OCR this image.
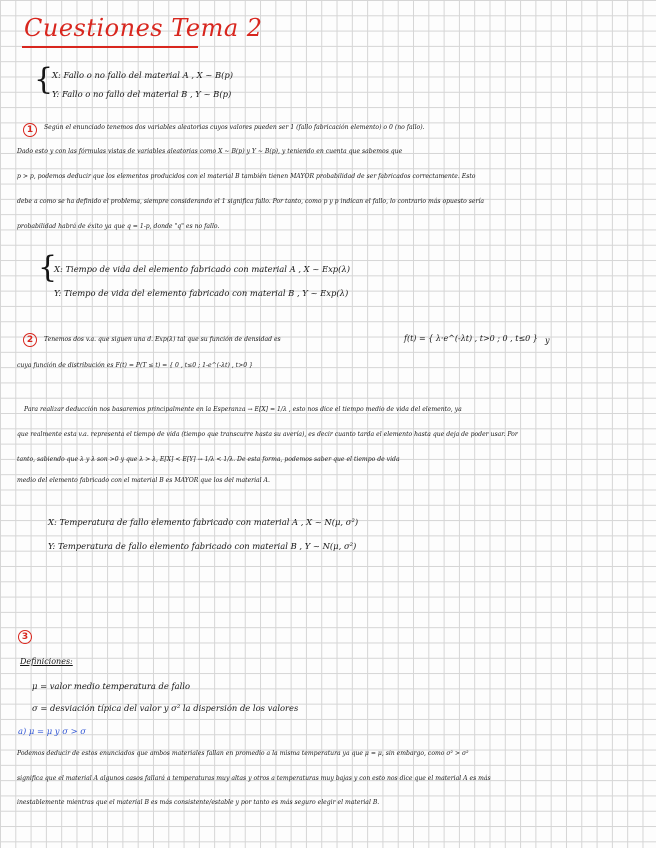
Cuestiones Tema 2
{
X: Fallo o no fallo del material A , X ~ B(p)
Y: Fallo o no fallo del material B , Y ~ B(p)
1	Según el enunciado tenemos dos variables aleatorias cuyos valores pueden ser 1 (fallo fabricación elemento) o 0 (no fallo).
Dado esto y con las fórmulas vistas de variables aleatorias como X ~ B(p) y Y ~ B(p), y teniendo en cuenta que sabemos que
p > p, podemos deducir que los elementos producidos con el material B también tienen MAYOR probabilidad de ser fabricados correctamente. Esto
debe a como se ha definido el problema, siempre considerando el 1 significa fallo. Por tanto, como p y p indican el fallo, lo contrario más opuesto sería
probabilidad habrá de éxito ya que q = 1-p, donde "q" es no fallo.
{
X: Tiempo de vida del elemento fabricado con material A , X ~ Exp(λ)
Y: Tiempo de vida del elemento fabricado con material B , Y ~ Exp(λ)
2	Tenemos dos v.a. que siguen una d. Exp(λ) tal que su función de densidad es	f(t) = { λ·e^(-λt) , t>0 ; 0 , t≤0 } y
cuya función de distribución es F(t) = P(T ≤ t) = { 0 , t≤0 ; 1-e^(-λt) , t>0 }
Para realizar deducción nos basaremos principalmente en la Esperanza → E[X] = 1/λ , esto nos dice el tiempo medio de vida del elemento, ya
que realmente esta v.a. representa el tiempo de vida (tiempo que transcurre hasta su avería), es decir cuanto tarda el elemento hasta que deja de poder usar. Por
tanto, sabiendo que λ y λ son >0 y que λ > λ, E[X] < E[Y] → 1/λ < 1/λ. De esta forma, podemos saber que el tiempo de vida
medio del elemento fabricado con el material B es MAYOR que los del material A.
X: Temperatura de fallo elemento fabricado con material A , X ~ N(μ, σ²)
Y: Temperatura de fallo elemento fabricado con material B , Y ~ N(μ, σ²)
3
Definiciones:
μ = valor medio temperatura de fallo
σ = desviación típica del valor y σ² la dispersión de los valores
a) μ = μ y σ > σ
Podemos deducir de estos enunciados que ambos materiales fallan en promedio a la misma temperatura ya que μ = μ, sin embargo, como σ² > σ²
significa que el material A algunos casos fallará a temperaturas muy altas y otros a temperaturas muy bajas y con esto nos dice que el material A es más
inestablemente mientras que el material B es más consistente/estable y por tanto es más seguro elegir el material B.
